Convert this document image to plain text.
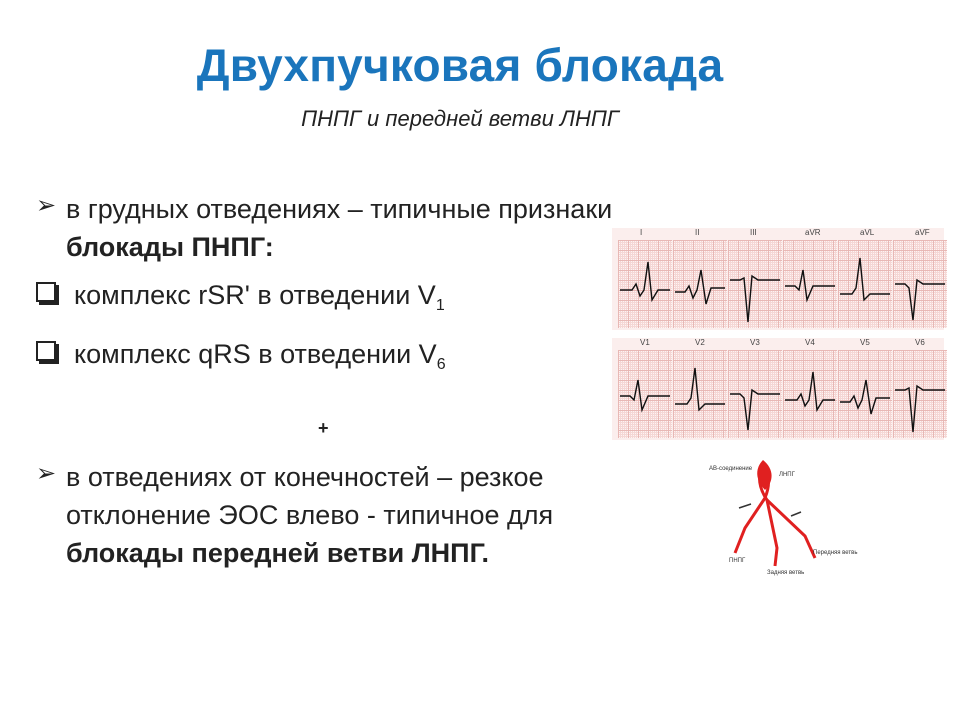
Двухпучковая блокада
ПНПГ и передней ветви ЛНПГ
➢ в грудных отведениях – типичные признаки блокады ПНПГ:
комплекс rSR' в отведении $V_1$
комплекс qRS в отведении $V_6$
➢ в отведениях от конечностей – резкое отклонение ЭОС влево - типичное для блокады передней ветви ЛНПГ.
+
I	II	III	aVR	aVL	aVF
V1	V2	V3	V4	V5	V6
АВ-соединение
ЛНПГ
ПНПГ
Задняя ветвь
Передняя ветвь
